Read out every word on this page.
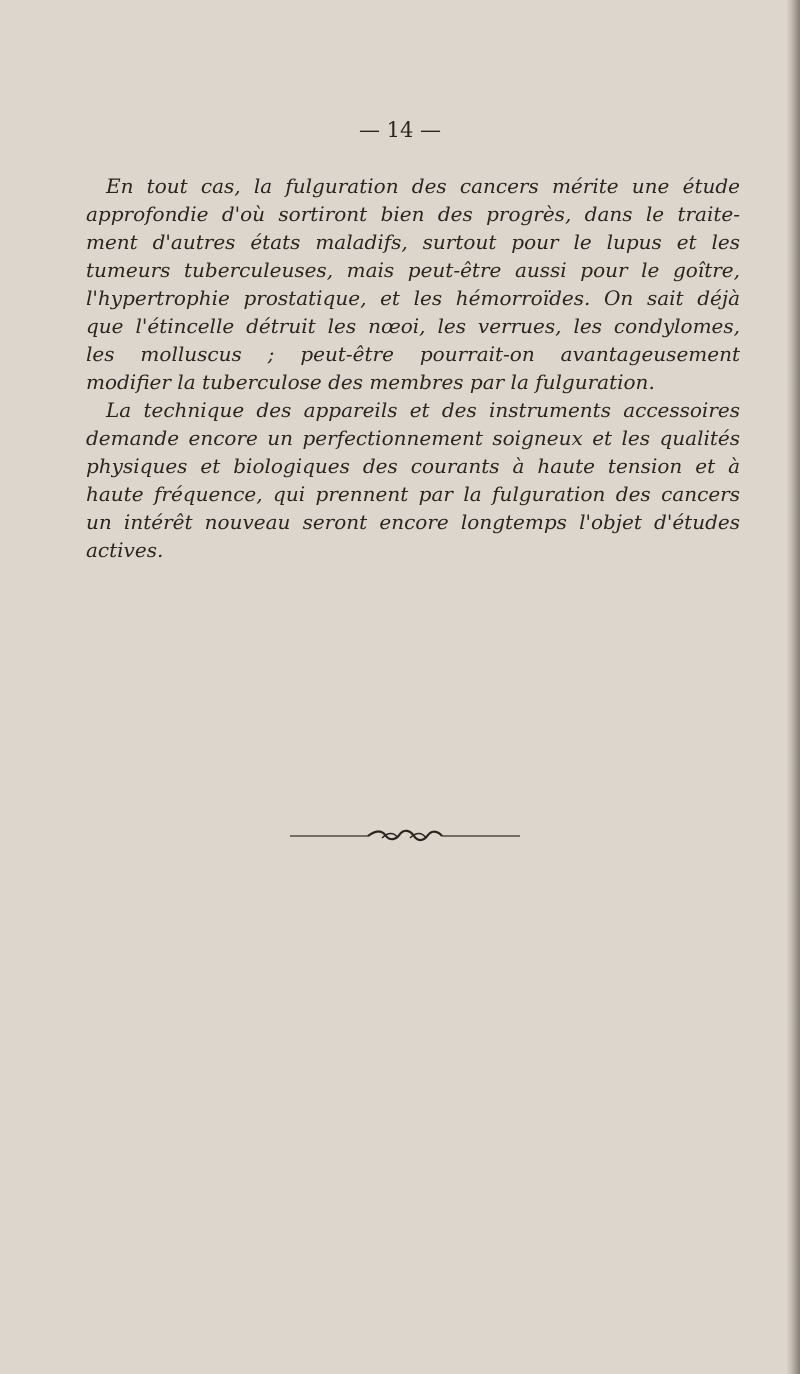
— 14 —

En tout cas, la fulguration des cancers mérite une étude
approfondie d'où sortiront bien des progrès, dans le traite-
ment d'autres états maladifs, surtout pour le lupus et les
tumeurs tuberculeuses, mais peut-être aussi pour le goître,
l'hypertrophie prostatique, et les hémorroïdes. On sait déjà
que l'étincelle détruit les nœoi, les verrues, les condylomes,
les molluscus ; peut-être pourrait-on avantageusement
modifier la tuberculose des membres par la fulguration.
La technique des appareils et des instruments accessoires
demande encore un perfectionnement soigneux et les qualités
physiques et biologiques des courants à haute tension et à
haute fréquence, qui prennent par la fulguration des cancers
un intérêt nouveau seront encore longtemps l'objet d'études
actives.
